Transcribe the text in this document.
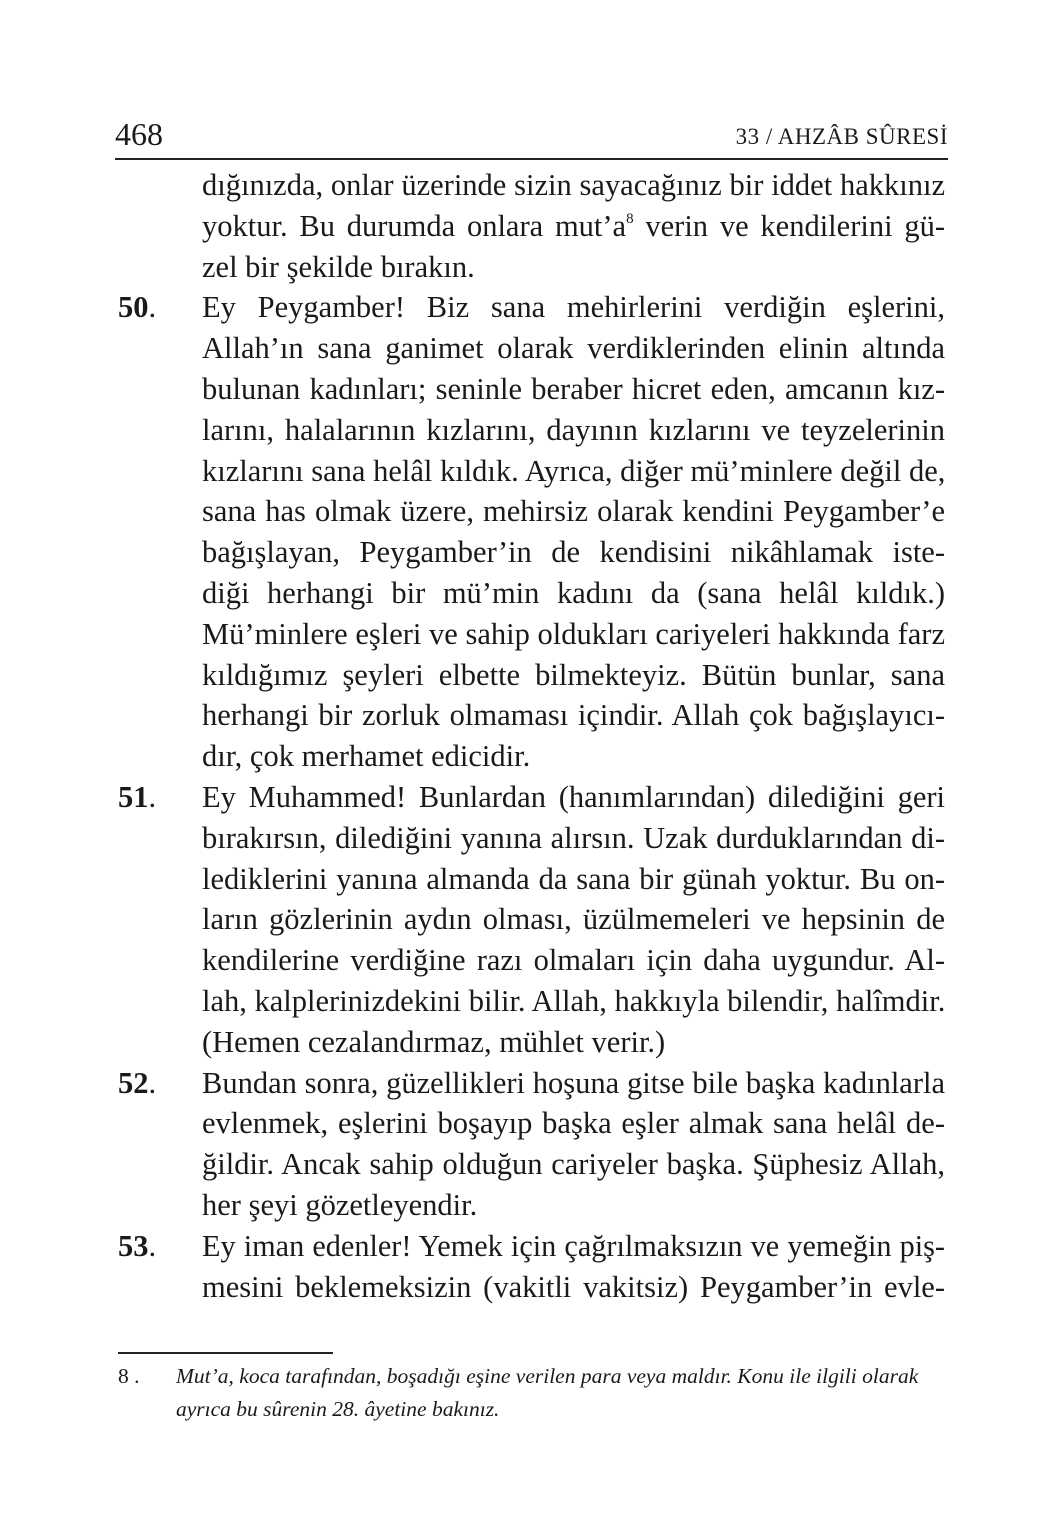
468	33 / AHZÂB SÛRESİ
dığınızda, onlar üzerinde sizin sayacağınız bir iddet hakkınız
yoktur. Bu durumda onlara mut’a$^8$ verin ve kendilerini gü-
zel bir şekilde bırakın.
50. Ey Peygamber! Biz sana mehirlerini verdiğin eşlerini,
Allah’ın sana ganimet olarak verdiklerinden elinin altında
bulunan kadınları; seninle beraber hicret eden, amcanın kız-
larını, halalarının kızlarını, dayının kızlarını ve teyzelerinin
kızlarını sana helâl kıldık. Ayrıca, diğer mü’minlere değil de,
sana has olmak üzere, mehirsiz olarak kendini Peygamber’e
bağışlayan, Peygamber’in de kendisini nikâhlamak iste-
diği herhangi bir mü’min kadını da (sana helâl kıldık.)
Mü’minlere eşleri ve sahip oldukları cariyeleri hakkında farz
kıldığımız şeyleri elbette bilmekteyiz. Bütün bunlar, sana
herhangi bir zorluk olmaması içindir. Allah çok bağışlayıcı-
dır, çok merhamet edicidir.
51. Ey Muhammed! Bunlardan (hanımlarından) dilediğini geri
bırakırsın, dilediğini yanına alırsın. Uzak durduklarından di-
lediklerini yanına almanda da sana bir günah yoktur. Bu on-
ların gözlerinin aydın olması, üzülmemeleri ve hepsinin de
kendilerine verdiğine razı olmaları için daha uygundur. Al-
lah, kalplerinizdekini bilir. Allah, hakkıyla bilendir, halîmdir.
(Hemen cezalandırmaz, mühlet verir.)
52. Bundan sonra, güzellikleri hoşuna gitse bile başka kadınlarla
evlenmek, eşlerini boşayıp başka eşler almak sana helâl de-
ğildir. Ancak sahip olduğun cariyeler başka. Şüphesiz Allah,
her şeyi gözetleyendir.
53. Ey iman edenler! Yemek için çağrılmaksızın ve yemeğin piş-
mesini beklemeksizin (vakitli vakitsiz) Peygamber’in evle-
8 .	Mut’a, koca tarafından, boşadığı eşine verilen para veya maldır. Konu ile ilgili olarak
ayrıca bu sûrenin 28. âyetine bakınız.
